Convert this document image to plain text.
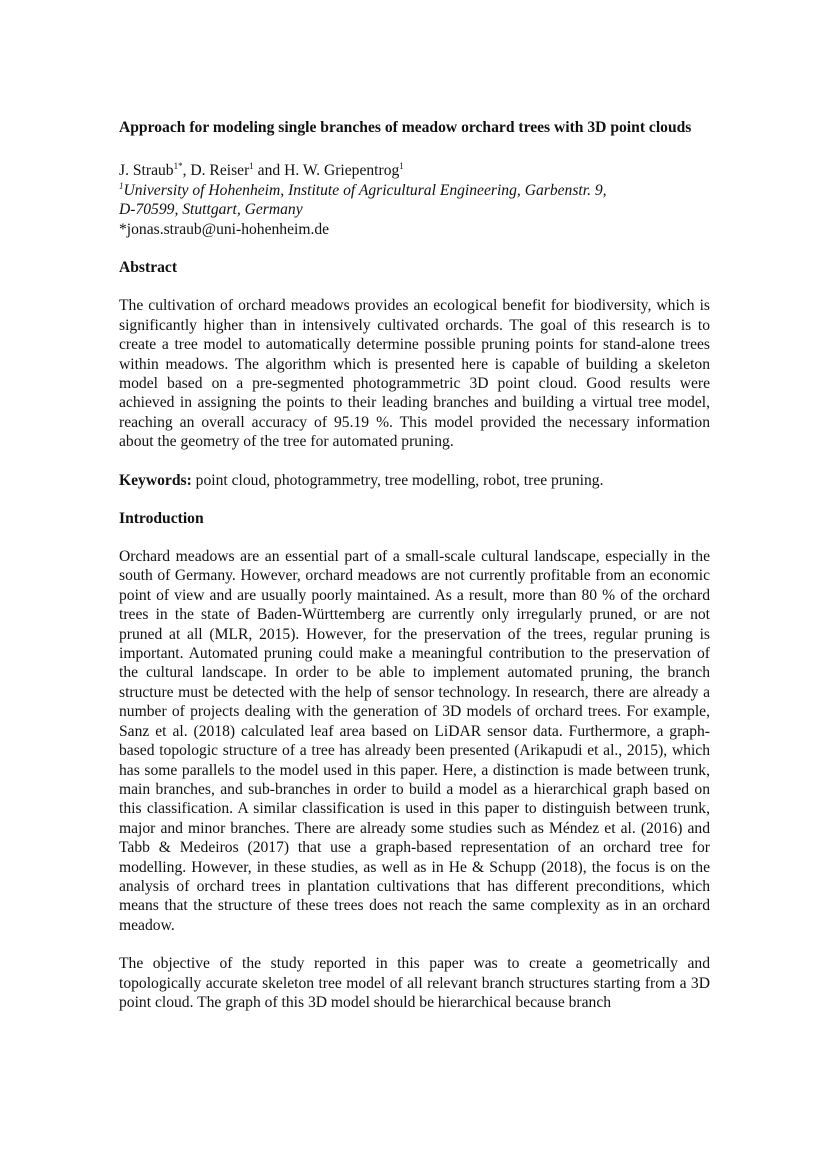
Approach for modeling single branches of meadow orchard trees with 3D point clouds
J. Straub$^{1*}$, D. Reiser$^1$ and H. W. Griepentrog$^1$
$^1$University of Hohenheim, Institute of Agricultural Engineering, Garbenstr. 9,
D-70599, Stuttgart, Germany
*jonas.straub@uni-hohenheim.de
Abstract

The cultivation of orchard meadows provides an ecological benefit for biodiversity, which is significantly higher than in intensively cultivated orchards. The goal of this research is to create a tree model to automatically determine possible pruning points for stand-alone trees within meadows. The algorithm which is presented here is capable of building a skeleton model based on a pre-segmented photogrammetric 3D point cloud. Good results were achieved in assigning the points to their leading branches and building a virtual tree model, reaching an overall accuracy of 95.19 %. This model provided the necessary information about the geometry of the tree for automated pruning.

Keywords: point cloud, photogrammetry, tree modelling, robot, tree pruning.

Introduction

Orchard meadows are an essential part of a small-scale cultural landscape, especially in the south of Germany. However, orchard meadows are not currently profitable from an economic point of view and are usually poorly maintained. As a result, more than 80 % of the orchard trees in the state of Baden-Württemberg are currently only irregularly pruned, or are not pruned at all (MLR, 2015). However, for the preservation of the trees, regular pruning is important. Automated pruning could make a meaningful contribution to the preservation of the cultural landscape. In order to be able to implement automated pruning, the branch structure must be detected with the help of sensor technology. In research, there are already a number of projects dealing with the generation of 3D models of orchard trees. For example, Sanz et al. (2018) calculated leaf area based on LiDAR sensor data. Furthermore, a graph-based topologic structure of a tree has already been presented (Arikapudi et al., 2015), which has some parallels to the model used in this paper. Here, a distinction is made between trunk, main branches, and sub-branches in order to build a model as a hierarchical graph based on this classification. A similar classification is used in this paper to distinguish between trunk, major and minor branches. There are already some studies such as Méndez et al. (2016) and Tabb & Medeiros (2017) that use a graph-based representation of an orchard tree for modelling. However, in these studies, as well as in He & Schupp (2018), the focus is on the analysis of orchard trees in plantation cultivations that has different preconditions, which means that the structure of these trees does not reach the same complexity as in an orchard meadow.

The objective of the study reported in this paper was to create a geometrically and topologically accurate skeleton tree model of all relevant branch structures starting from a 3D point cloud. The graph of this 3D model should be hierarchical because branch
